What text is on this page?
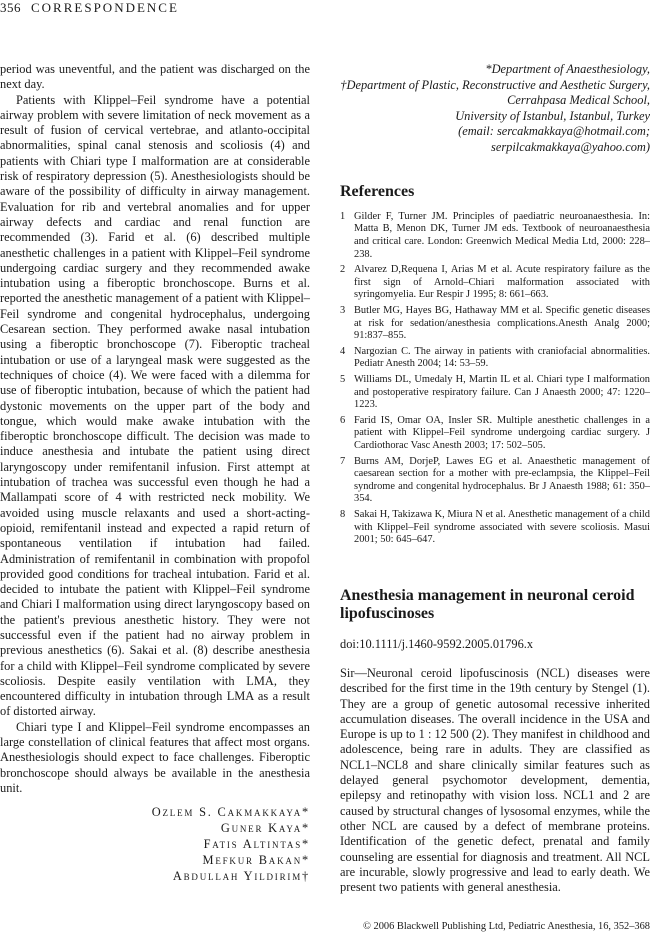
356 CORRESPONDENCE

period was uneventful, and the patient was discharged on the next day.

Patients with Klippel–Feil syndrome have a potential airway problem with severe limitation of neck movement as a result of fusion of cervical vertebrae, and atlanto-occipital abnormalities, spinal canal stenosis and scoliosis (4) and patients with Chiari type I malformation are at considerable risk of respiratory depression (5). Anesthesiologists should be aware of the possibility of difficulty in airway management. Evaluation for rib and vertebral anomalies and for upper airway defects and cardiac and renal function are recommended (3). Farid et al. (6) described multiple anesthetic challenges in a patient with Klippel–Feil syndrome undergoing cardiac surgery and they recommended awake intubation using a fiberoptic bronchoscope. Burns et al. reported the anesthetic management of a patient with Klippel–Feil syndrome and congenital hydrocephalus, undergoing Cesarean section. They performed awake nasal intubation using a fiberoptic bronchoscope (7). Fiberoptic tracheal intubation or use of a laryngeal mask were suggested as the techniques of choice (4). We were faced with a dilemma for use of fiberoptic intubation, because of which the patient had dystonic movements on the upper part of the body and tongue, which would make awake intubation with the fiberoptic bronchoscope difficult. The decision was made to induce anesthesia and intubate the patient using direct laryngoscopy under remifentanil infusion. First attempt at intubation of trachea was successful even though he had a Mallampati score of 4 with restricted neck mobility. We avoided using muscle relaxants and used a short-acting-opioid, remifentanil instead and expected a rapid return of spontaneous ventilation if intubation had failed. Administration of remifentanil in combination with propofol provided good conditions for tracheal intubation. Farid et al. decided to intubate the patient with Klippel–Feil syndrome and Chiari I malformation using direct laryngoscopy based on the patient's previous anesthetic history. They were not successful even if the patient had no airway problem in previous anesthetics (6). Sakai et al. (8) describe anesthesia for a child with Klippel–Feil syndrome complicated by severe scoliosis. Despite easily ventilation with LMA, they encountered difficulty in intubation through LMA as a result of distorted airway.

Chiari type I and Klippel–Feil syndrome encompasses an large constellation of clinical features that affect most organs. Anesthesiologis should expect to face challenges. Fiberoptic bronchoscope should always be available in the anesthesia unit.

Ozlem S. Cakmakkaya*
Guner Kaya*
Fatis Altintas*
Mefkur Bakan*
Abdullah Yildirim†
*Department of Anaesthesiology,
†Department of Plastic, Reconstructive and Aesthetic Surgery,
Cerrahpasa Medical School,
University of Istanbul, Istanbul, Turkey
(email: sercakmakkaya@hotmail.com;
serpilcakmakkaya@yahoo.com)
References
1 Gilder F, Turner JM. Principles of paediatric neuroanaesthesia. In: Matta B, Menon DK, Turner JM eds. Textbook of neuroanaesthesia and critical care. London: Greenwich Medical Media Ltd, 2000: 228–238.
2 Alvarez D,Requena I, Arias M et al. Acute respiratory failure as the first sign of Arnold–Chiari malformation associated with syringomyelia. Eur Respir J 1995; 8: 661–663.
3 Butler MG, Hayes BG, Hathaway MM et al. Specific genetic diseases at risk for sedation/anesthesia complications.Anesth Analg 2000; 91:837–855.
4 Nargozian C. The airway in patients with craniofacial abnormalities. Pediatr Anesth 2004; 14: 53–59.
5 Williams DL, Umedaly H, Martin IL et al. Chiari type I malformation and postoperative respiratory failure. Can J Anaesth 2000; 47: 1220–1223.
6 Farid IS, Omar OA, Insler SR. Multiple anesthetic challenges in a patient with Klippel–Feil syndrome undergoing cardiac surgery. J Cardiothorac Vasc Anesth 2003; 17: 502–505.
7 Burns AM, DorjeP, Lawes EG et al. Anaesthetic management of caesarean section for a mother with pre-eclampsia, the Klippel–Feil syndrome and congenital hydrocephalus. Br J Anaesth 1988; 61: 350–354.
8 Sakai H, Takizawa K, Miura N et al. Anesthetic management of a child with Klippel–Feil syndrome associated with severe scoliosis. Masui 2001; 50: 645–647.
Anesthesia management in neuronal ceroid lipofuscinoses
doi:10.1111/j.1460-9592.2005.01796.x
Sir—Neuronal ceroid lipofuscinosis (NCL) diseases were described for the first time in the 19th century by Stengel (1). They are a group of genetic autosomal recessive inherited accumulation diseases. The overall incidence in the USA and Europe is up to 1 : 12 500 (2). They manifest in childhood and adolescence, being rare in adults. They are classified as NCL1–NCL8 and share clinically similar features such as delayed general psychomotor development, dementia, epilepsy and retinopathy with vision loss. NCL1 and 2 are caused by structural changes of lysosomal enzymes, while the other NCL are caused by a defect of membrane proteins. Identification of the genetic defect, prenatal and family counseling are essential for diagnosis and treatment. All NCL are incurable, slowly progressive and lead to early death. We present two patients with general anesthesia.
© 2006 Blackwell Publishing Ltd, Pediatric Anesthesia, 16, 352–368
